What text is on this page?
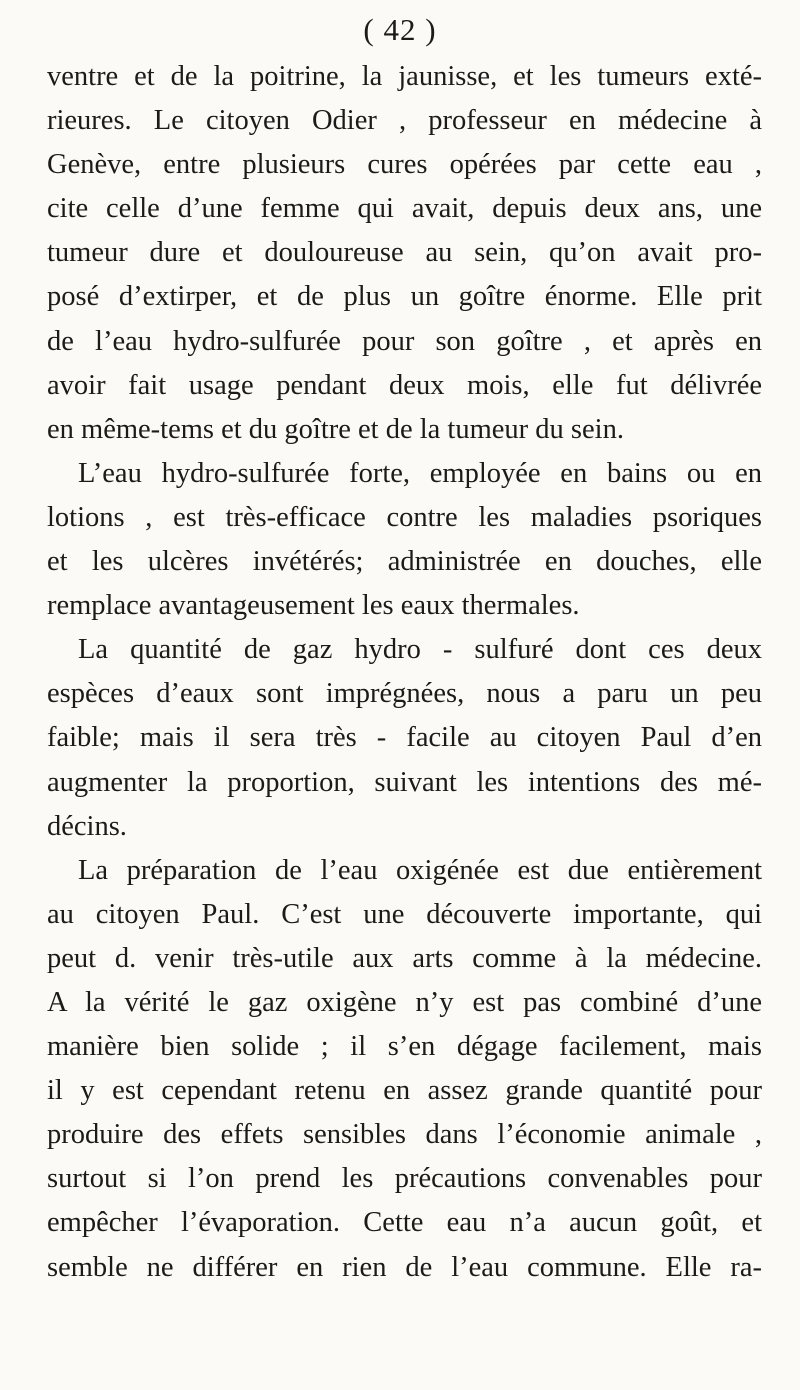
( 42 )
ventre et de la poitrine, la jaunisse, et les tumeurs exté-
rieures. Le citoyen Odier , professeur en médecine à
Genève, entre plusieurs cures opérées par cette eau ,
cite celle d’une femme qui avait, depuis deux ans, une
tumeur dure et douloureuse au sein, qu’on avait pro-
posé d’extirper, et de plus un goître énorme. Elle prit
de l’eau hydro-sulfurée pour son goître , et après en
avoir fait usage pendant deux mois, elle fut délivrée
en même-tems et du goître et de la tumeur du sein.
L’eau hydro-sulfurée forte, employée en bains ou en
lotions , est très-efficace contre les maladies psoriques
et les ulcères invétérés; administrée en douches, elle
remplace avantageusement les eaux thermales.
La quantité de gaz hydro - sulfuré dont ces deux
espèces d’eaux sont imprégnées, nous a paru un peu
faible; mais il sera très - facile au citoyen Paul d’en
augmenter la proportion, suivant les intentions des mé-
décins.
La préparation de l’eau oxigénée est due entièrement
au citoyen Paul. C’est une découverte importante, qui
peut d. venir très-utile aux arts comme à la médecine.
A la vérité le gaz oxigène n’y est pas combiné d’une
manière bien solide ; il s’en dégage facilement, mais
il y est cependant retenu en assez grande quantité pour
produire des effets sensibles dans l’économie animale ,
surtout si l’on prend les précautions convenables pour
empêcher l’évaporation. Cette eau n’a aucun goût, et
semble ne différer en rien de l’eau commune. Elle ra-
